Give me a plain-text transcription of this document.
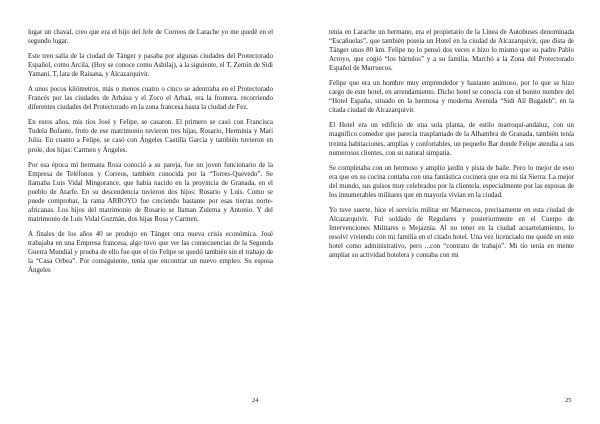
lugar un chaval, creo que era el hijo del Jefe de Correos de Larache yo me quedé en el segundo lugar.

Este tren salía de la ciudad de Tánger y pasaba por algunas ciudades del Protectorado Español, como Arcila, (Hoy se conoce como Ashilaj), a la siguiente, el T, Zemín de Sidi Yamani, T, lata de Raisana, y Alcazarquivir.

A unos pocos kilómetros, más o menos cuatro o cinco se adentraba en el Protectorado Francés por las ciudades de Arbáua y el Zoco el Arbaá, era la frontera, recorriendo diferentes ciudades del Protectorado en la zona francesa hasta la ciudad de Fez.

En estos años, mis tíos José y Felipe, se casaron. El primero se casó con Francisca Tudela Bofante, fruto de ese matrimonio tuvieron tres hijas, Rosario, Herminia y Mari Julia. En cuanto a Felipe, se casó con Ángeles Castilla García y también tuvieron en prole, dos hijas: Carmen y Ángeles.

Por esa época mi hermana Rosa conoció a su pareja, fue un joven funcionario de la Empresa de Teléfonos y Correos, también conocida por la “Torres-Quevedo”. Se llamaba Luis Vidal Mingorance, que había nacido en la provincia de Granada, en el pueblo de Atarfe. En su descendencia tuvieron dos hijos: Rosario y Luis. Como se puede comprobar, la rama ARROYO fue creciendo bastante por esas tierras norte-africanas. Los hijos del matrimonio de Rosario se llaman Zulema y Antonio. Y del matrimonio de Luis Vidal Guzmán, dos hijas Rosa y Carmen.

A finales de los años 40 se produjo en Tánger otra nueva crisis económica. José trabajaba en una Empresa francesa, algo tuvo que ver las consecuencias de la Segunda Guerra Mundial y prueba de ello fue que el tío Felipe se quedó también sin el trabajo de la “Casa Orbea”. Por consiguiente, tenía que encontrar un nuevo empleo. Su esposa Ángeles

24

tenía en Larache un hermano, era el propietario de la Línea de Autobuses denominada “Escañuelas”, que también poseía un Hotel en la ciudad de Alcazarquivir, que dista de Tánger unos 80 km. Felipe no lo pensó dos veces e hizo lo mismo que su padre Pablo Arroyo, que cogió “los bártulos” y a su familia. Marchó a la Zona del Protectorado Español de Marruecos.

Felipe que era un hombre muy emprendedor y bastante animoso, por lo que se hizo cargo de este hotel, en arrendamiento. Dicho hotel se conocía con el bonito nombre del “Hotel España, situado en la hermosa y moderna Avenida “Sidi Alí Bugaleb”, en la citada ciudad de Alcazarquivir.

El Hotel era un edificio de una sola planta, de estilo marroquí-andaluz, con un magnífico comedor que parecía trasplantado de la Alhambra de Granada, también tenía treinta habitaciones, amplias y confortables, un pequeño Bar donde Felipe atendía a sus numerosos clientes, con su natural simpatía.

Se completaba con un hermoso y amplio jardín y pista de baile. Pero lo mejor de esto era que en su cocina contaba con una fantástica cocinera que era mi tía Sierra: La mejor del mundo, sus guisos muy celebrados por la clientela, especialmente por las esposas de los innumerables militares que en mayoría vivían en la ciudad.

Yo tuve suerte, hice el servicio militar en Marruecos, precisamente en esta ciudad de Alcazarquivir. Fui soldado de Regulares y posteriormente en el Cuerpo de Intervenciones Militares o Mejaznía. Al no tener en la ciudad acuartelamiento, lo resolví viviendo con mi familia en el citado hotel. Una vez licenciado me quedé en este hotel como administrativo, pero ...con “contrato de trabajo”. Mi tío tenía en mente ampliar su actividad hotelera y contaba con mi

25
